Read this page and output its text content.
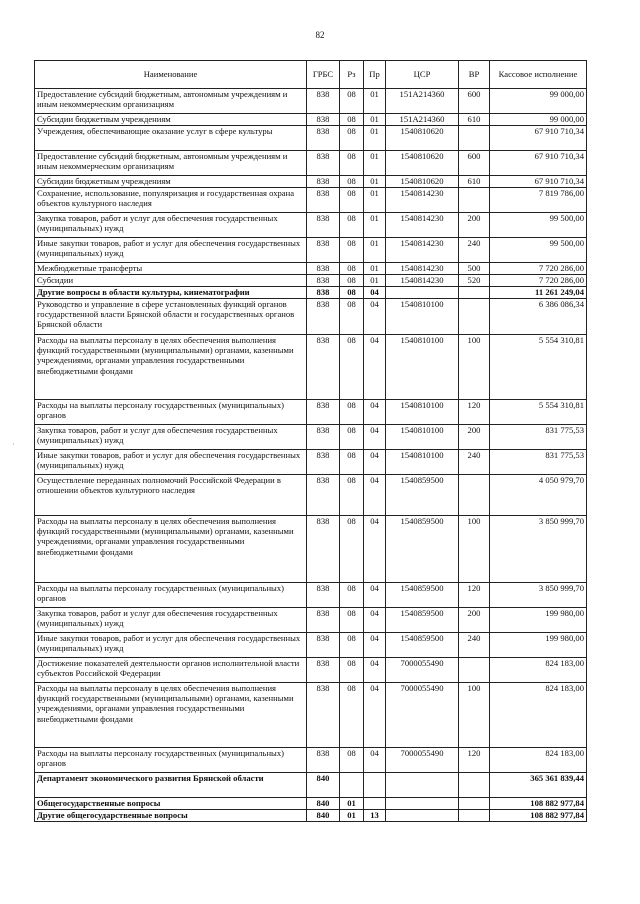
82
Наименование	ГРБС	Рз	Пр	ЦСР	ВР	Кассовое исполнение
Предоставление субсидий бюджетным, автономным учреждениям и иным некоммерческим организациям	838	08	01	151А214360	600	99 000,00
Субсидии бюджетным учреждениям	838	08	01	151А214360	610	99 000,00
Учреждения, обеспечивающие оказание услуг в сфере культуры	838	08	01	1540810620		67 910 710,34
Предоставление субсидий бюджетным, автономным учреждениям и иным некоммерческим организациям	838	08	01	1540810620	600	67 910 710,34
Субсидии бюджетным учреждениям	838	08	01	1540810620	610	67 910 710,34
Сохранение, использование, популяризация и государственная охрана объектов культурного наследия	838	08	01	1540814230		7 819 786,00
Закупка товаров, работ и услуг для обеспечения государственных (муниципальных) нужд	838	08	01	1540814230	200	99 500,00
Иные закупки товаров, работ и услуг для обеспечения государственных (муниципальных) нужд	838	08	01	1540814230	240	99 500,00
Межбюджетные трансферты	838	08	01	1540814230	500	7 720 286,00
Субсидии	838	08	01	1540814230	520	7 720 286,00
Другие вопросы в области культуры, кинематографии	838	08	04			11 261 249,04
Руководство и управление в сфере установленных функций органов государственной власти Брянской области и государственных органов Брянской области	838	08	04	1540810100		6 386 086,34
Расходы на выплаты персоналу в целях обеспечения выполнения функций государственными (муниципальными) органами, казенными учреждениями, органами управления государственными внебюджетными фондами	838	08	04	1540810100	100	5 554 310,81
Расходы на выплаты персоналу государственных (муниципальных) органов	838	08	04	1540810100	120	5 554 310,81
Закупка товаров, работ и услуг для обеспечения государственных (муниципальных) нужд	838	08	04	1540810100	200	831 775,53
Иные закупки товаров, работ и услуг для обеспечения государственных (муниципальных) нужд	838	08	04	1540810100	240	831 775,53
Осуществление переданных полномочий Российской Федерации в отношении объектов культурного наследия	838	08	04	1540859500		4 050 979,70
Расходы на выплаты персоналу в целях обеспечения выполнения функций государственными (муниципальными) органами, казенными учреждениями, органами управления государственными внебюджетными фондами	838	08	04	1540859500	100	3 850 999,70
Расходы на выплаты персоналу государственных (муниципальных) органов	838	08	04	1540859500	120	3 850 999,70
Закупка товаров, работ и услуг для обеспечения государственных (муниципальных) нужд	838	08	04	1540859500	200	199 980,00
Иные закупки товаров, работ и услуг для обеспечения государственных (муниципальных) нужд	838	08	04	1540859500	240	199 980,00
Достижение показателей деятельности органов исполнительной власти субъектов Российской Федерации	838	08	04	7000055490		824 183,00
Расходы на выплаты персоналу в целях обеспечения выполнения функций государственными (муниципальными) органами, казенными учреждениями, органами управления государственными внебюджетными фондами	838	08	04	7000055490	100	824 183,00
Расходы на выплаты персоналу государственных (муниципальных) органов	838	08	04	7000055490	120	824 183,00
Департамент экономического развития Брянской области	840					365 361 839,44
Общегосударственные вопросы	840	01				108 882 977,84
Другие общегосударственные вопросы	840	01	13			108 882 977,84
·
